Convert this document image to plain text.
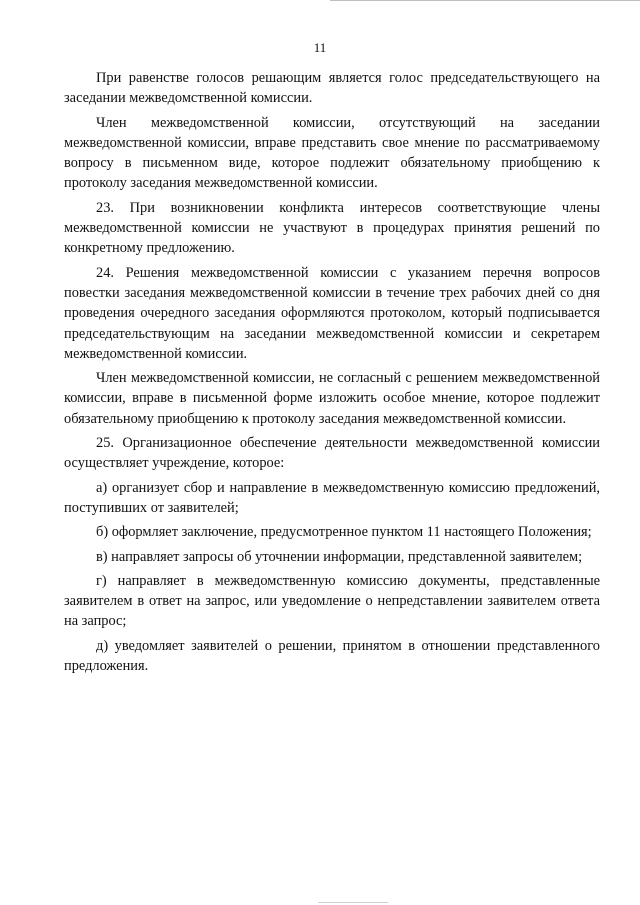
11

При равенстве голосов решающим является голос председательствующего на заседании межведомственной комиссии.

Член межведомственной комиссии, отсутствующий на заседании межведомственной комиссии, вправе представить свое мнение по рассматриваемому вопросу в письменном виде, которое подлежит обязательному приобщению к протоколу заседания межведомственной комиссии.

23. При возникновении конфликта интересов соответствующие члены межведомственной комиссии не участвуют в процедурах принятия решений по конкретному предложению.

24. Решения межведомственной комиссии с указанием перечня вопросов повестки заседания межведомственной комиссии в течение трех рабочих дней со дня проведения очередного заседания оформляются протоколом, который подписывается председательствующим на заседании межведомственной комиссии и секретарем межведомственной комиссии.

Член межведомственной комиссии, не согласный с решением межведомственной комиссии, вправе в письменной форме изложить особое мнение, которое подлежит обязательному приобщению к протоколу заседания межведомственной комиссии.

25. Организационное обеспечение деятельности межведомственной комиссии осуществляет учреждение, которое:

а) организует сбор и направление в межведомственную комиссию предложений, поступивших от заявителей;

б) оформляет заключение, предусмотренное пунктом 11 настоящего Положения;

в) направляет запросы об уточнении информации, представленной заявителем;

г) направляет в межведомственную комиссию документы, представленные заявителем в ответ на запрос, или уведомление о непредставлении заявителем ответа на запрос;

д) уведомляет заявителей о решении, принятом в отношении представленного предложения.
